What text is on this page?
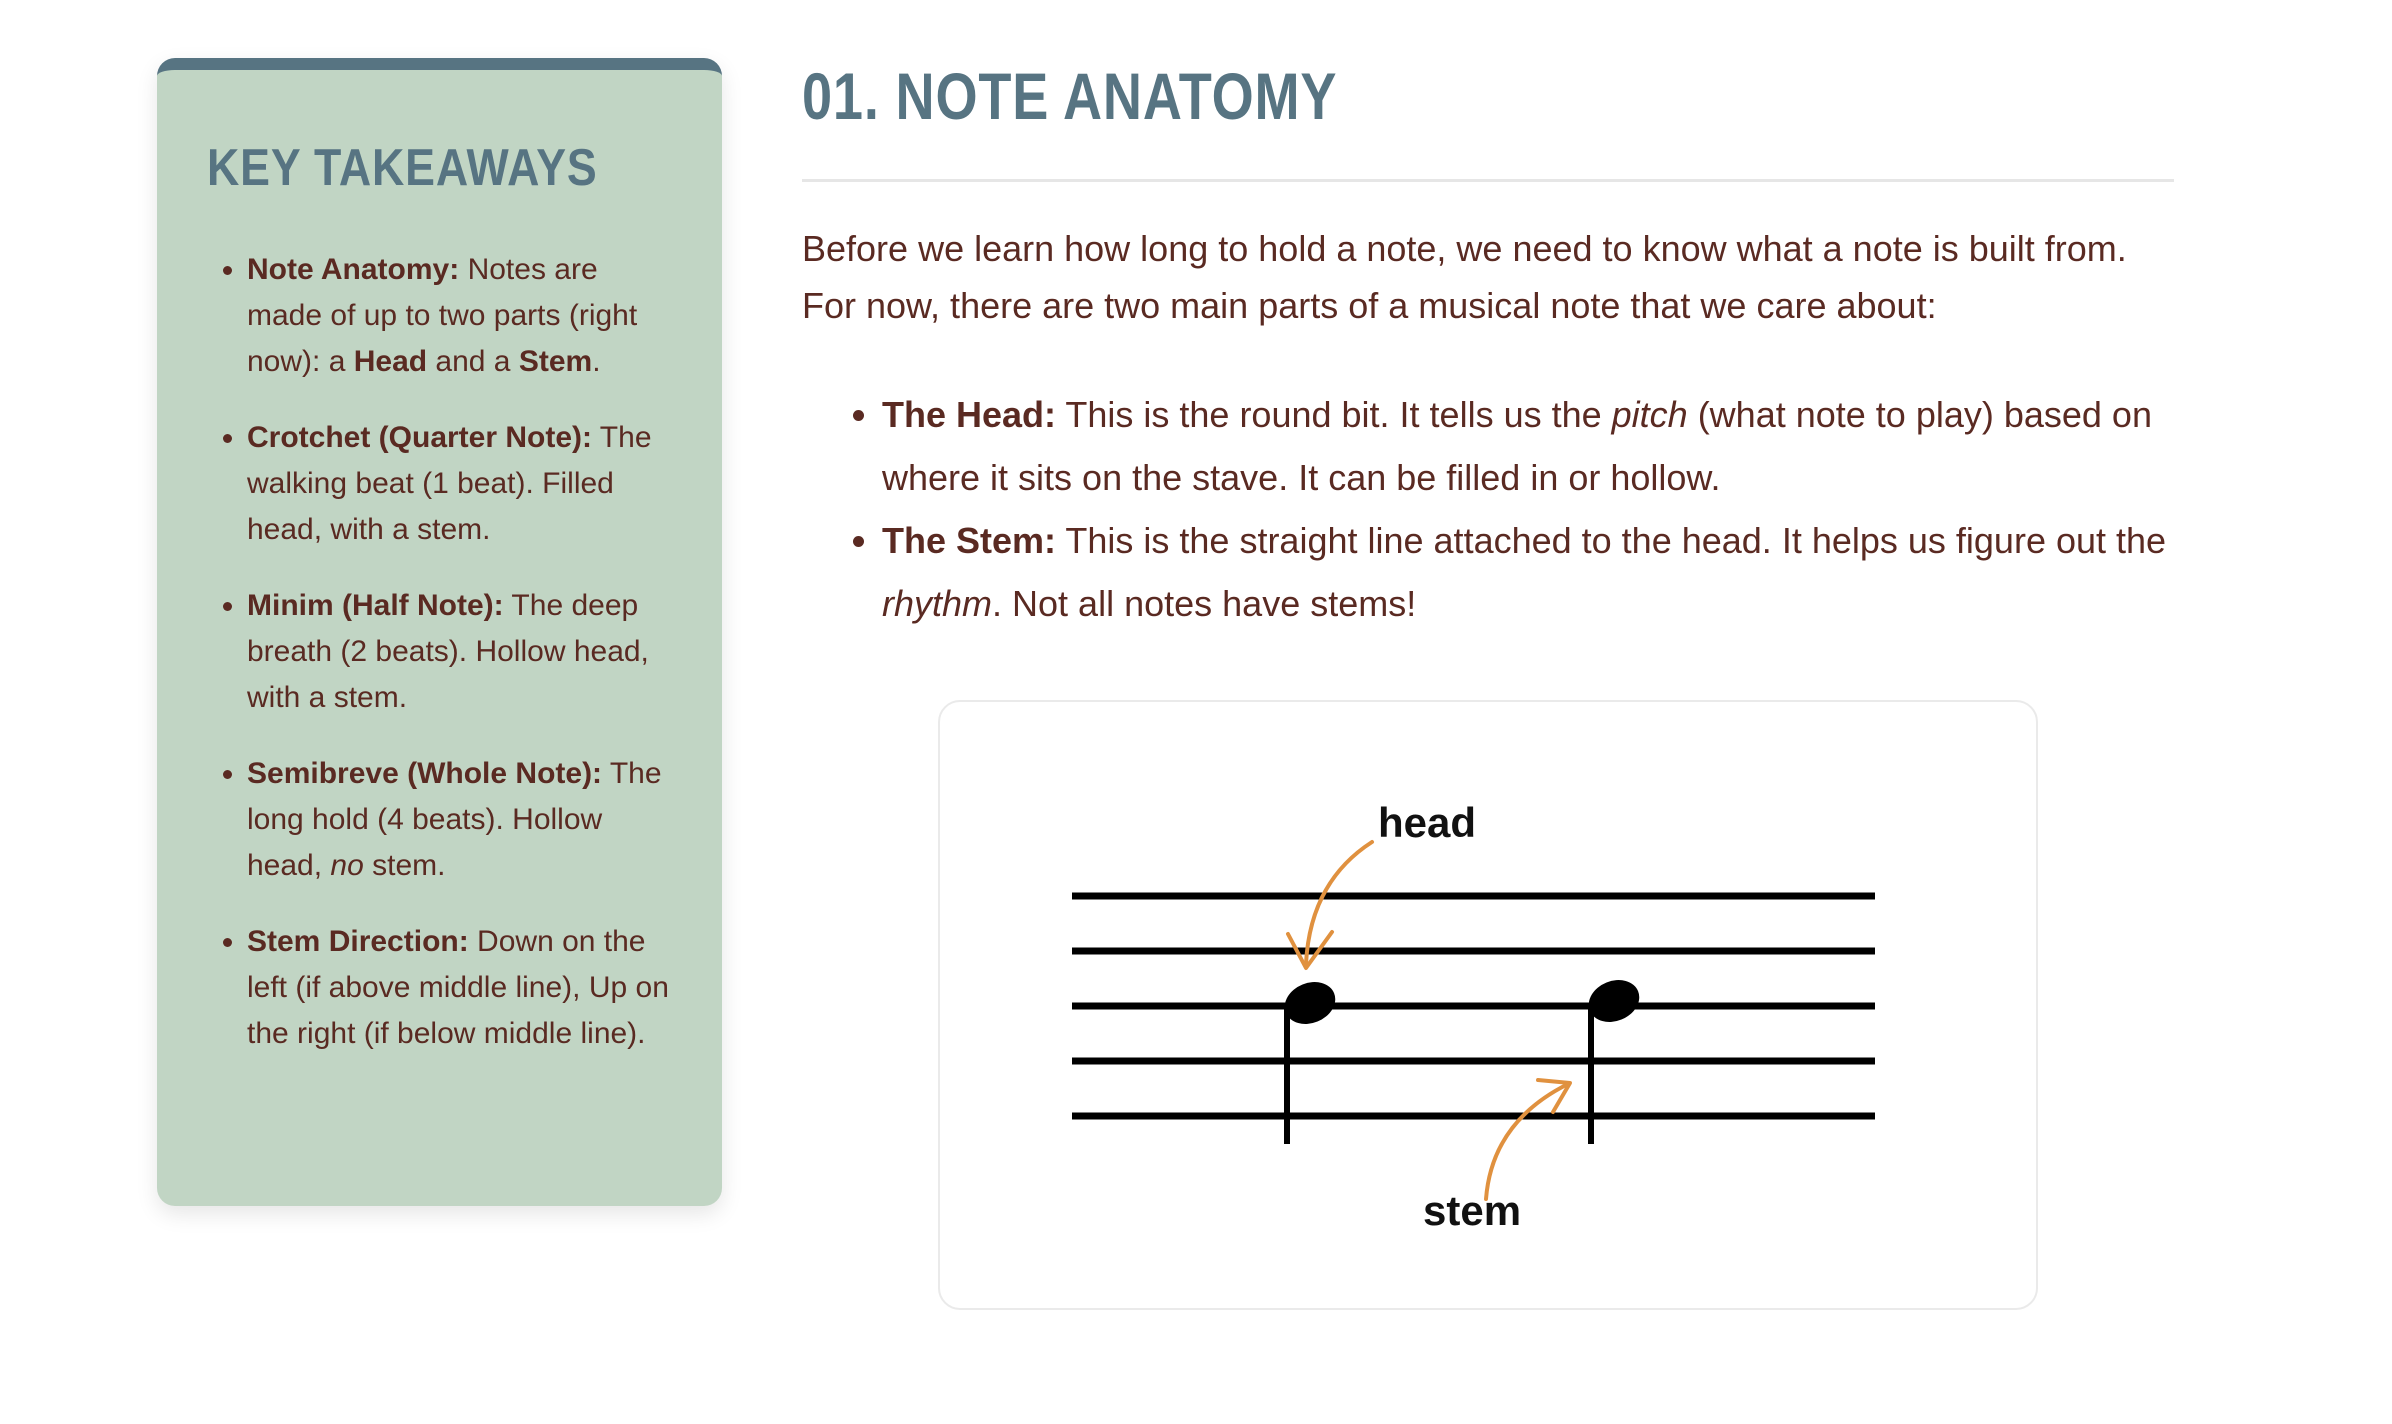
KEY TAKEAWAYS
• Note Anatomy: Notes are made of up to two parts (right now): a Head and a Stem.
• Crotchet (Quarter Note): The walking beat (1 beat). Filled head, with a stem.
• Minim (Half Note): The deep breath (2 beats). Hollow head, with a stem.
• Semibreve (Whole Note): The long hold (4 beats). Hollow head, no stem.
• Stem Direction: Down on the left (if above middle line), Up on the right (if below middle line).
01. NOTE ANATOMY

Before we learn how long to hold a note, we need to know what a note is built from. For now, there are two main parts of a musical note that we care about:

• The Head: This is the round bit. It tells us the pitch (what note to play) based on where it sits on the stave. It can be filled in or hollow.
• The Stem: This is the straight line attached to the head. It helps us figure out the rhythm. Not all notes have stems!
head
stem
